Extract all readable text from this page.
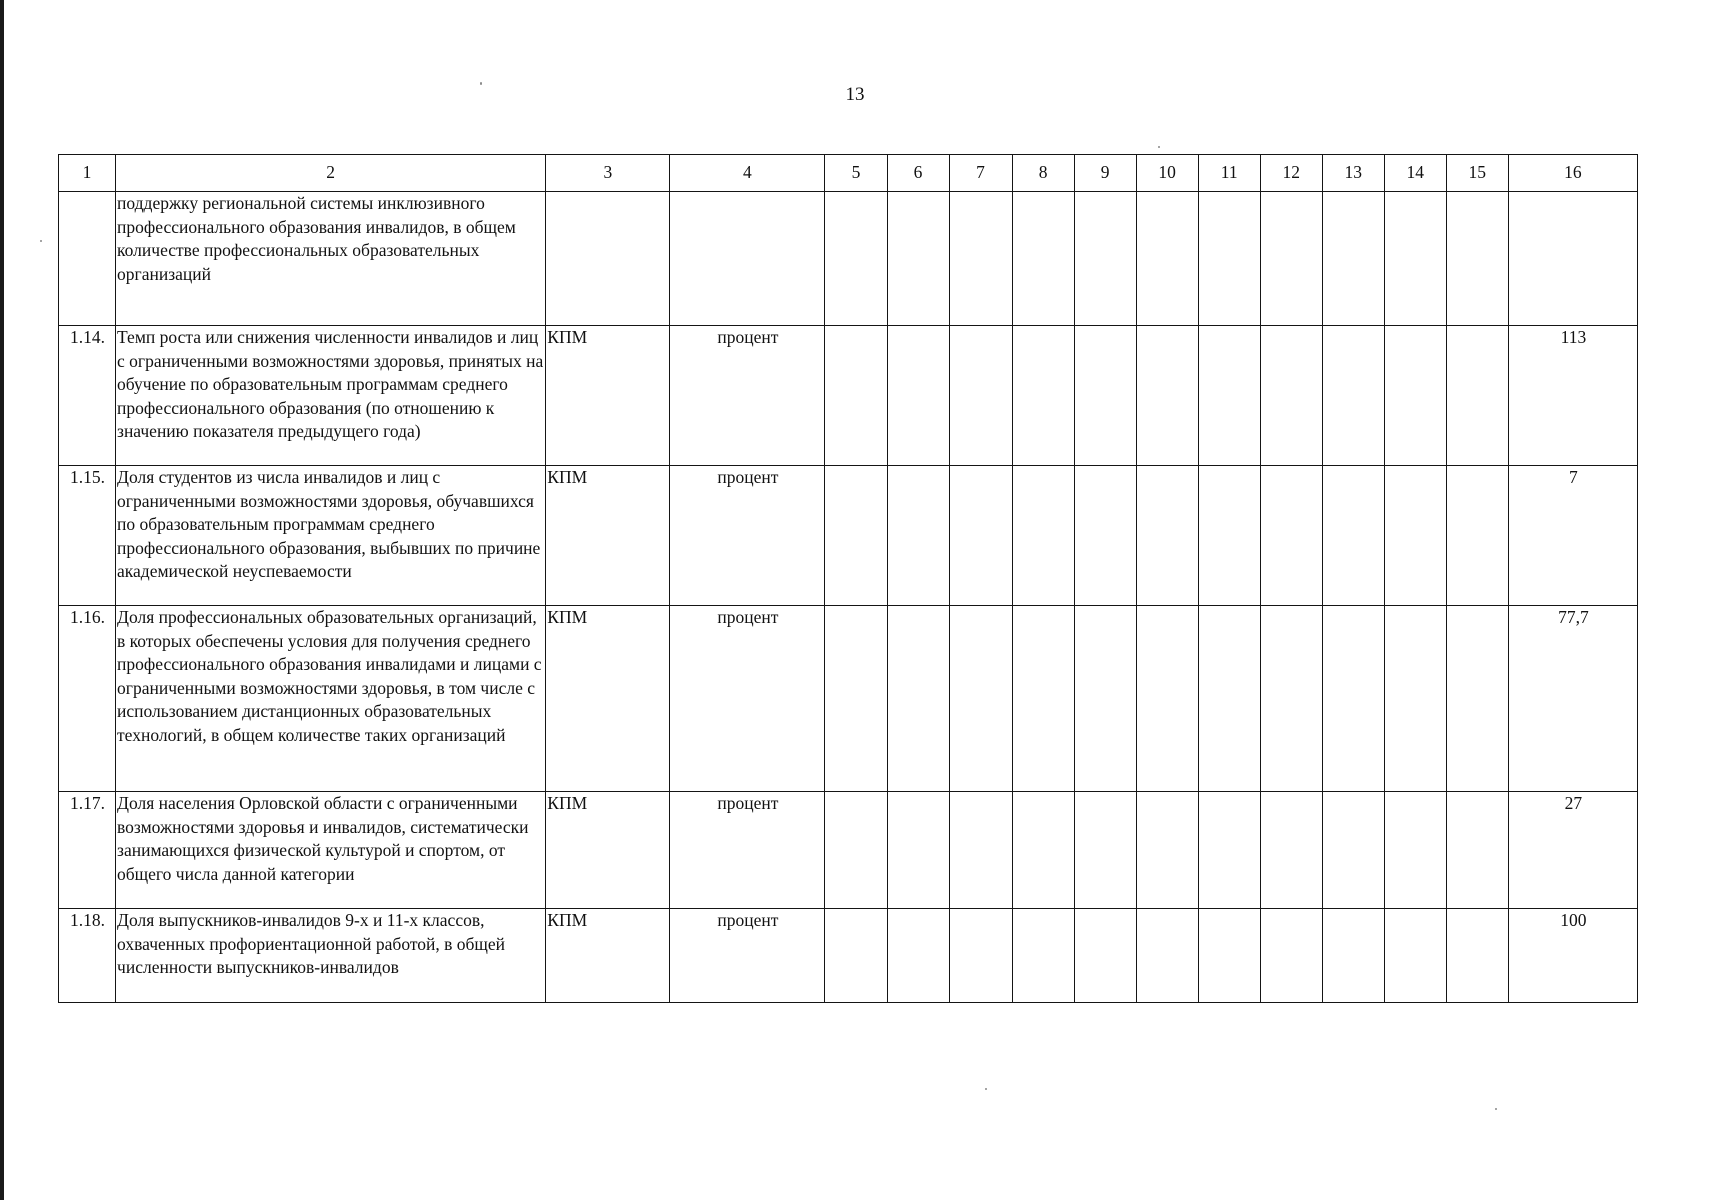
13
1	2	3	4	5	6	7	8	9	10	11	12	13	14	15	16
	поддержку региональной системы инклюзивного профессионального образования инвалидов, в общем количестве профессиональных образовательных организаций														
1.14.	Темп роста или снижения численности инвалидов и лиц с ограниченными возможностями здоровья, принятых на обучение по образовательным программам среднего профессионального образования (по отношению к значению показателя предыдущего года)	КПМ	процент												113
1.15.	Доля студентов из числа инвалидов и лиц с ограниченными возможностями здоровья, обучавшихся по образовательным программам среднего профессионального образования, выбывших по причине академической неуспеваемости	КПМ	процент												7
1.16.	Доля профессиональных образовательных организаций, в которых обеспечены условия для получения среднего профессионального образования инвалидами и лицами с ограниченными возможностями здоровья, в том числе с использованием дистанционных образовательных технологий, в общем количестве таких организаций	КПМ	процент												77,7
1.17.	Доля населения Орловской области с ограниченными возможностями здоровья и инвалидов, систематически занимающихся физической культурой и спортом, от общего числа данной категории	КПМ	процент												27
1.18.	Доля выпускников-инвалидов 9-х и 11-х классов, охваченных профориентационной работой, в общей численности выпускников-инвалидов	КПМ	процент												100
